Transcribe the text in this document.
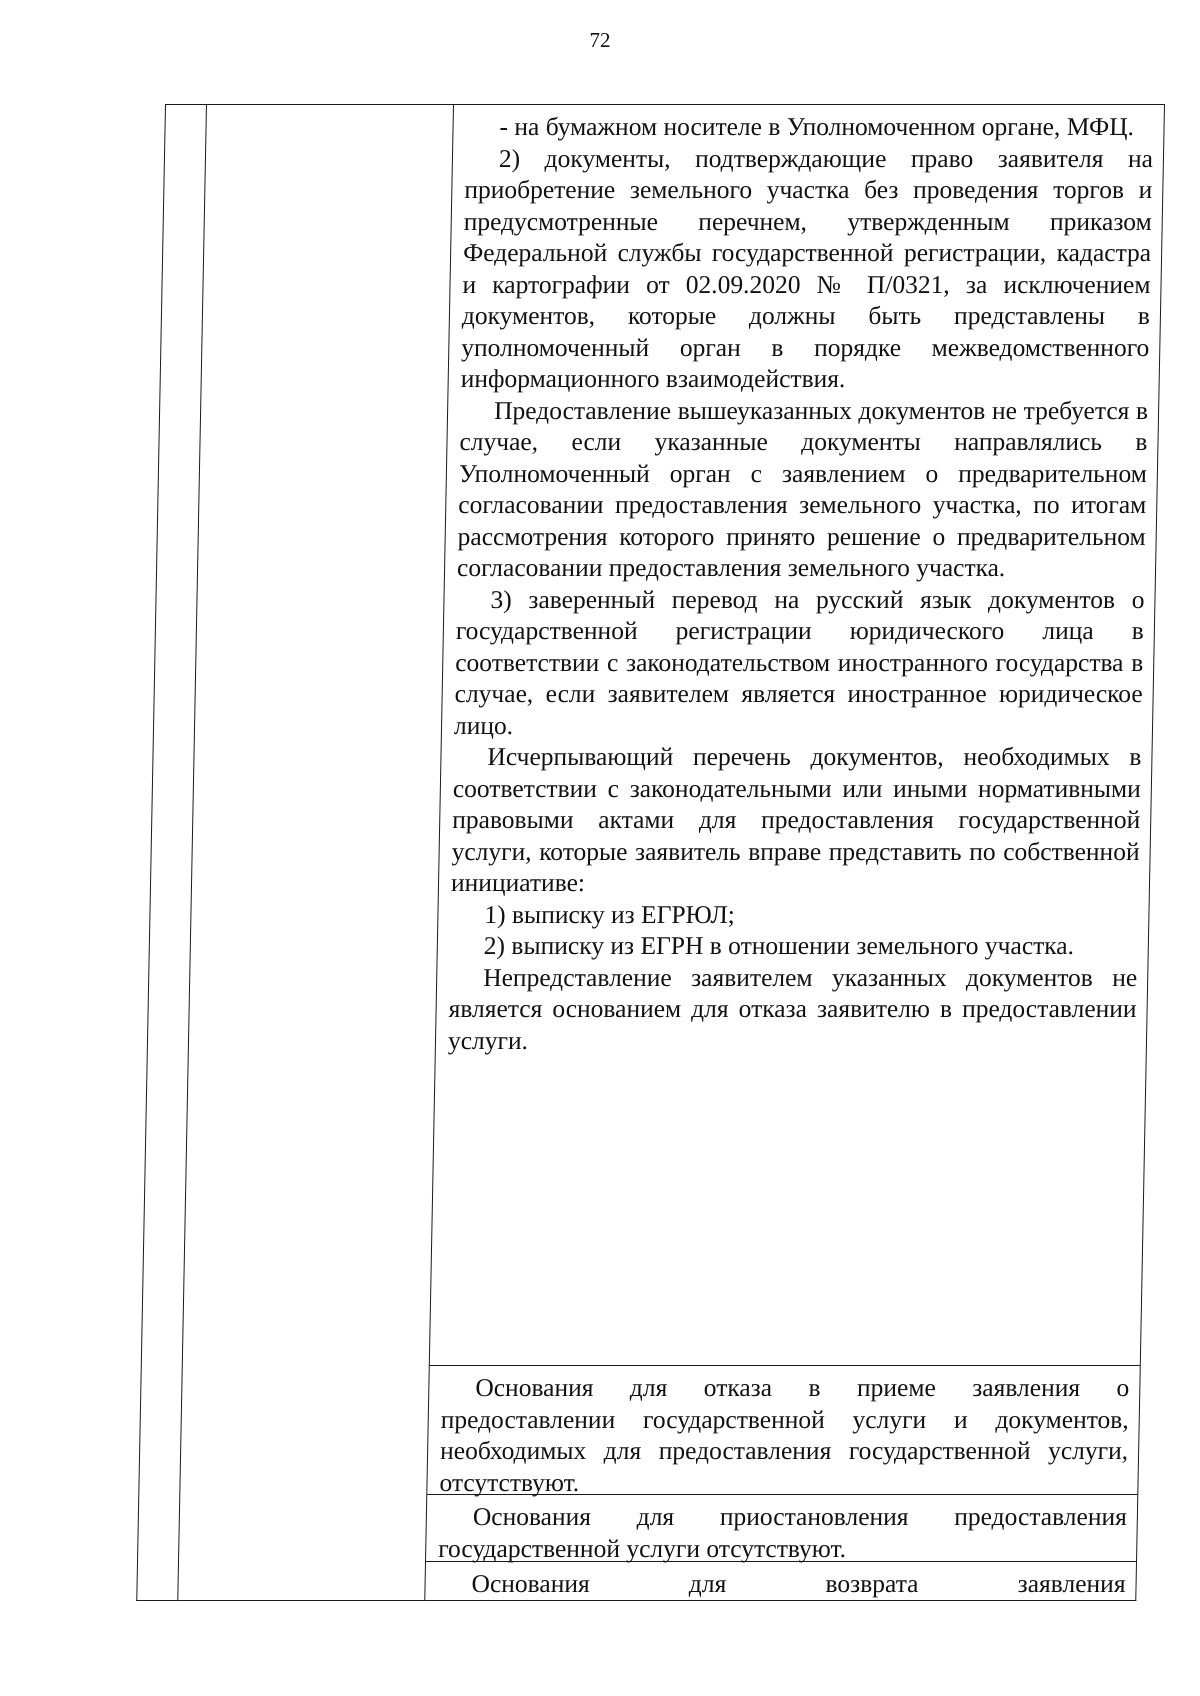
72

- на бумажном носителе в Уполномоченном органе, МФЦ.

2) документы, подтверждающие право заявителя на приобретение земельного участка без проведения торгов и предусмотренные перечнем, утвержденным приказом Федеральной службы государственной регистрации, кадастра и картографии от 02.09.2020 № П/0321, за исключением документов, которые должны быть представлены в уполномоченный орган в порядке межведомственного информационного взаимодействия.

Предоставление вышеуказанных документов не требуется в случае, если указанные документы направлялись в Уполномоченный орган с заявлением о предварительном согласовании предоставления земельного участка, по итогам рассмотрения которого принято решение о предварительном согласовании предоставления земельного участка.

3) заверенный перевод на русский язык документов о государственной регистрации юридического лица в соответствии с законодательством иностранного государства в случае, если заявителем является иностранное юридическое лицо.

Исчерпывающий перечень документов, необходимых в соответствии с законодательными или иными нормативными правовыми актами для предоставления государственной услуги, которые заявитель вправе представить по собственной инициативе:

1) выписку из ЕГРЮЛ;

2) выписку из ЕГРН в отношении земельного участка.

Непредставление заявителем указанных документов не является основанием для отказа заявителю в предоставлении услуги.

Основания для отказа в приеме заявления о предоставлении государственной услуги и документов, необходимых для предоставления государственной услуги, отсутствуют.

Основания для приостановления предоставления государственной услуги отсутствуют.

Основания для возврата заявления
